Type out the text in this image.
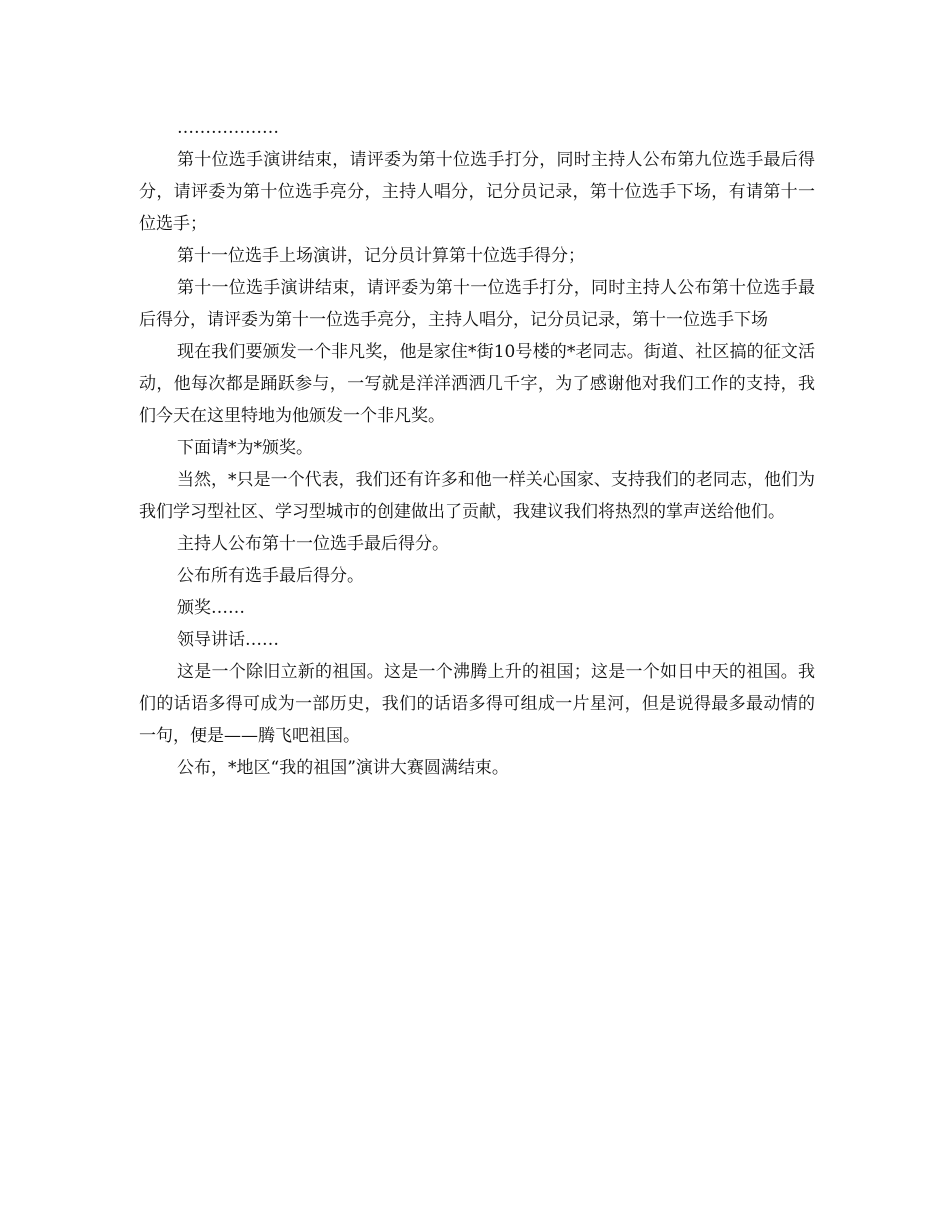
………………

第十位选手演讲结束，请评委为第十位选手打分，同时主持人公布第九位选手最后得分，请评委为第十位选手亮分，主持人唱分，记分员记录，第十位选手下场，有请第十一位选手；

第十一位选手上场演讲，记分员计算第十位选手得分；

第十一位选手演讲结束，请评委为第十一位选手打分，同时主持人公布第十位选手最后得分，请评委为第十一位选手亮分，主持人唱分，记分员记录，第十一位选手下场

现在我们要颁发一个非凡奖，他是家住*街10号楼的*老同志。街道、社区搞的征文活动，他每次都是踊跃参与，一写就是洋洋洒洒几千字，为了感谢他对我们工作的支持，我们今天在这里特地为他颁发一个非凡奖。

下面请*为*颁奖。

当然，*只是一个代表，我们还有许多和他一样关心国家、支持我们的老同志，他们为我们学习型社区、学习型城市的创建做出了贡献，我建议我们将热烈的掌声送给他们。

主持人公布第十一位选手最后得分。

公布所有选手最后得分。

颁奖……

领导讲话……

这是一个除旧立新的祖国。这是一个沸腾上升的祖国；这是一个如日中天的祖国。我们的话语多得可成为一部历史，我们的话语多得可组成一片星河，但是说得最多最动情的一句，便是——腾飞吧祖国。

公布，*地区“我的祖国”演讲大赛圆满结束。
